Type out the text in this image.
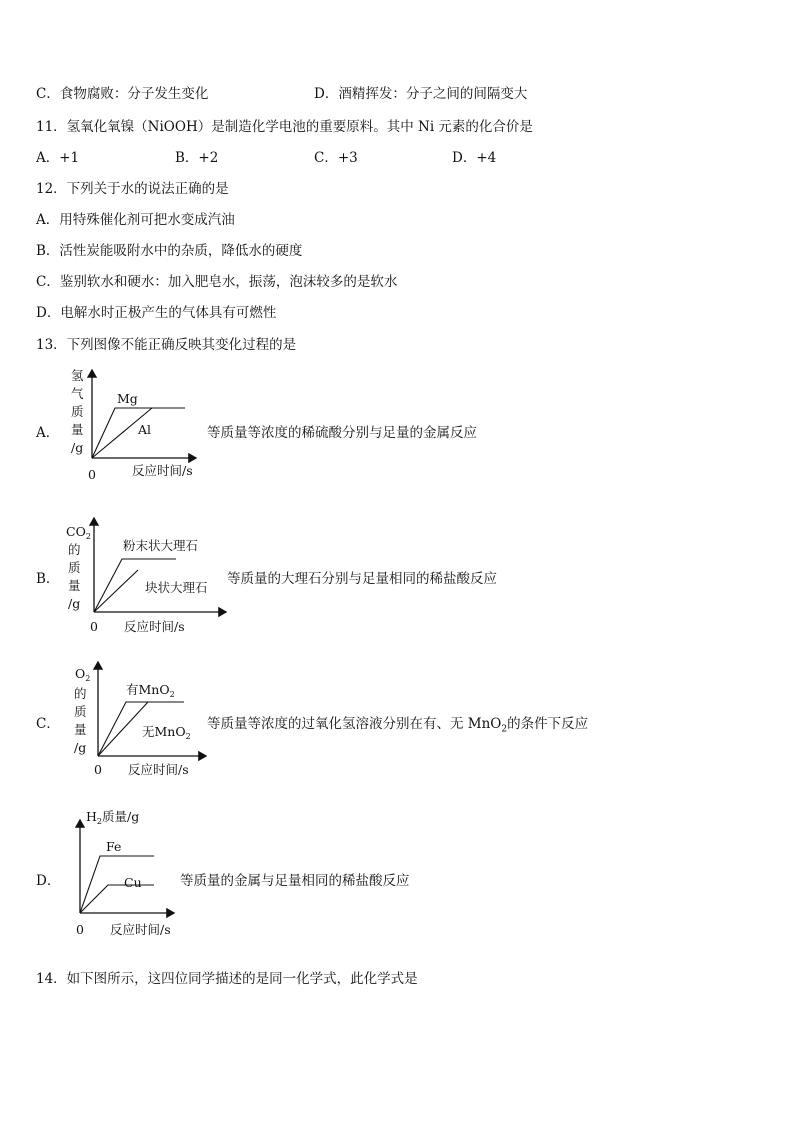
C．食物腐败：分子发生变化	D．酒精挥发：分子之间的间隔变大
11．氢氧化氧镍（NiOOH）是制造化学电池的重要原料。其中 Ni 元素的化合价是
A．+1	B．+2	C．+3	D．+4
12．下列关于水的说法正确的是
A．用特殊催化剂可把水变成汽油
B．活性炭能吸附水中的杂质，降低水的硬度
C．鉴别软水和硬水：加入肥皂水，振荡，泡沫较多的是软水
D．电解水时正极产生的气体具有可燃性
13．下列图像不能正确反映其变化过程的是
A．
氢
气
质
量
/g
Mg
Al
0	反应时间/s
等质量等浓度的稀硫酸分别与足量的金属反应
B．
$CO_2$
的
质
量
/g
粉末状大理石
块状大理石
0 反应时间/s
等质量的大理石分别与足量相同的稀盐酸反应
C．
$O_2$
的
质
量
/g
有MnO$_2$
无MnO$_2$
0 反应时间/s
等质量等浓度的过氧化氢溶液分别在有、无 MnO$_2$的条件下反应
D．
$H_2$质量/g
Fe
Cu
0 反应时间/s
等质量的金属与足量相同的稀盐酸反应
14．如下图所示，这四位同学描述的是同一化学式，此化学式是
